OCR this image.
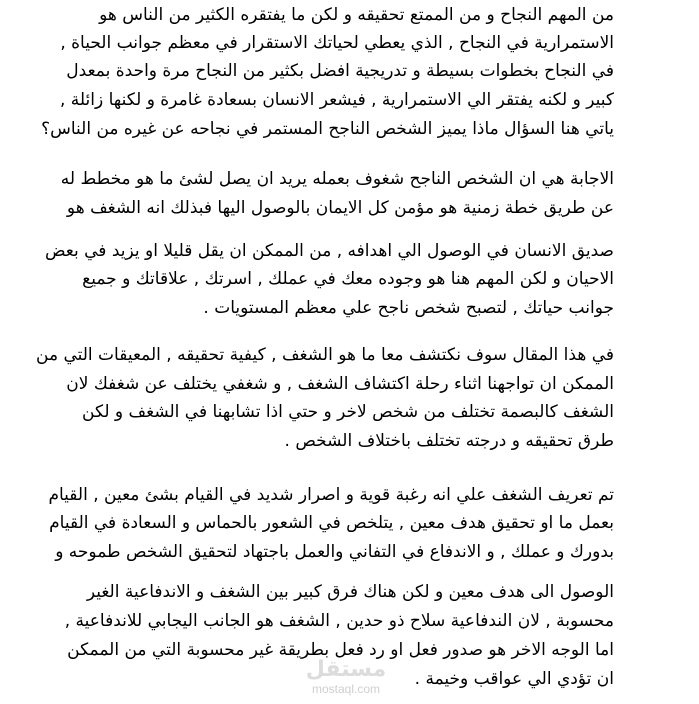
من المهم النجاح و من الممتع تحقيقه و لكن ما يفتقره الكثير من الناس هو
الاستمرارية في النجاح , الذي يعطي لحياتك الاستقرار في معظم جوانب الحياة ,
في النجاح بخطوات بسيطة و تدريجية افضل بكثير من النجاح مرة واحدة بمعدل
كبير و لكنه يفتقر الي الاستمرارية , فيشعر الانسان بسعادة غامرة و لكنها زائلة ,
ياتي هنا السؤال ماذا يميز الشخص الناجح المستمر في نجاحه عن غيره من الناس؟
الاجابة هي ان الشخص الناجح شغوف بعمله يريد ان يصل لشئ ما هو مخطط له
عن طريق خطة زمنية هو مؤمن كل الايمان بالوصول اليها فبذلك انه الشغف هو
صديق الانسان في الوصول الي اهدافه , من الممكن ان يقل قليلا او يزيد في بعض
الاحيان و لكن المهم هنا هو وجوده معك في عملك , اسرتك , علاقاتك و جميع
جوانب حياتك , لتصبح شخص ناجح علي معظم المستويات .
في هذا المقال سوف نكتشف معا ما هو الشغف , كيفية تحقيقه , المعيقات التي من
الممكن ان تواجهنا اثناء رحلة اكتشاف الشغف , و شغفي يختلف عن شغفك لان
الشغف كالبصمة تختلف من شخص لاخر و حتي اذا تشابهنا في الشغف و لكن
طرق تحقيقه و درجته تختلف باختلاف الشخص .
تم تعريف الشغف علي انه رغبة قوية و اصرار شديد في القيام بشئ معين , القيام
بعمل ما او تحقيق هدف معين , يتلخص في الشعور بالحماس و السعادة في القيام
بدورك و عملك , و الاندفاع في التفاني والعمل باجتهاد لتحقيق الشخص طموحه و
الوصول الى هدف معين و لكن هناك فرق كبير بين الشغف و الاندفاعية الغير
محسوبة , لان الندفاعية سلاح ذو حدين , الشغف هو الجانب اليجابي للاندفاعية ,
اما الوجه الاخر هو صدور فعل او رد فعل بطريقة غير محسوبة التي من الممكن
ان تؤدي الي عواقب وخيمة .
مستقل
mostaql.com
